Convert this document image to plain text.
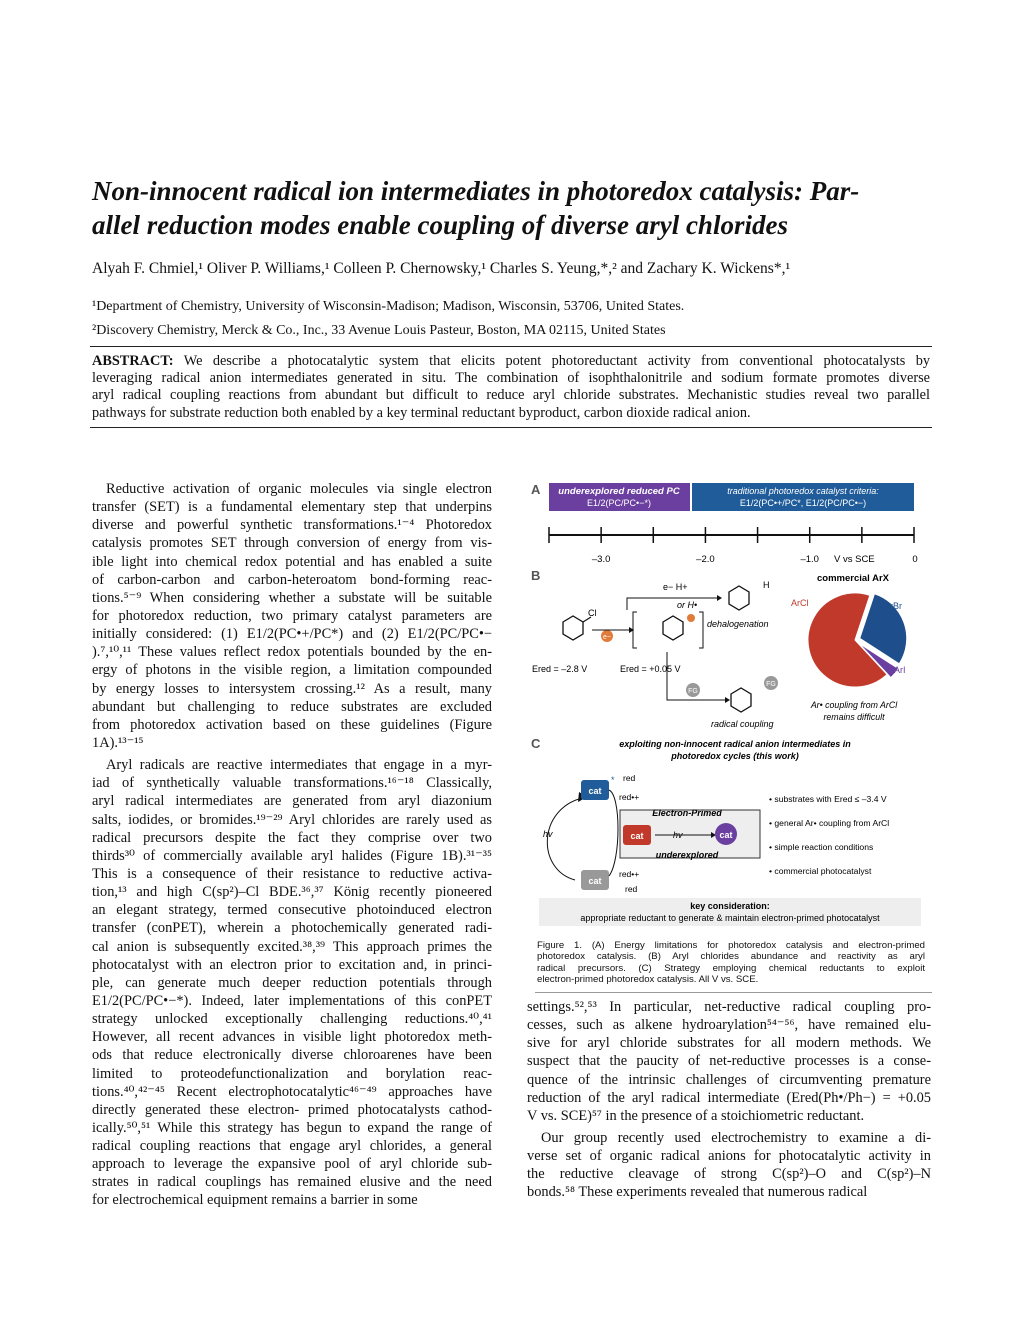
Non-innocent radical ion intermediates in photoredox catalysis: Par-
allel reduction modes enable coupling of diverse aryl chlorides
Alyah F. Chmiel,¹ Oliver P. Williams,¹ Colleen P. Chernowsky,¹ Charles S. Yeung,*,² and Zachary K. Wickens*,¹
¹Department of Chemistry, University of Wisconsin-Madison; Madison, Wisconsin, 53706, United States.
²Discovery Chemistry, Merck & Co., Inc., 33 Avenue Louis Pasteur, Boston, MA 02115, United States
ABSTRACT: We describe a photocatalytic system that elicits potent photoreductant activity from conventional photocatalysts by
leveraging radical anion intermediates generated in situ. The combination of isophthalonitrile and sodium formate promotes diverse
aryl radical coupling reactions from abundant but difficult to reduce aryl chloride substrates. Mechanistic studies reveal two parallel
pathways for substrate reduction both enabled by a key terminal reductant byproduct, carbon dioxide radical anion.
Reductive activation of organic molecules via single electron
transfer (SET) is a fundamental elementary step that underpins
diverse and powerful synthetic transformations.¹⁻⁴ Photoredox
catalysis promotes SET through conversion of energy from vis-
ible light into chemical redox potential and has enabled a suite
of carbon-carbon and carbon-heteroatom bond-forming reac-
tions.⁵⁻⁹ When considering whether a substate will be suitable
for photoredox reduction, two primary catalyst parameters are
initially considered: (1) E1/2(PC•+/PC*) and (2) E1/2(PC/PC•−
).⁷,¹⁰,¹¹ These values reflect redox potentials bounded by the en-
ergy of photons in the visible region, a limitation compounded
by energy losses to intersystem crossing.¹² As a result, many
abundant but challenging to reduce substrates are excluded
from photoredox activation based on these guidelines (Figure
1A).¹³⁻¹⁵
Aryl radicals are reactive intermediates that engage in a myr-
iad of synthetically valuable transformations.¹⁶⁻¹⁸ Classically,
aryl radical intermediates are generated from aryl diazonium
salts, iodides, or bromides.¹⁹⁻²⁹ Aryl chlorides are rarely used as
radical precursors despite the fact they comprise over two
thirds³⁰ of commercially available aryl halides (Figure 1B).³¹⁻³⁵
This is a consequence of their resistance to reductive activa-
tion,¹³ and high C(sp²)–Cl BDE.³⁶,³⁷ König recently pioneered
an elegant strategy, termed consecutive photoinduced electron
transfer (conPET), wherein a photochemically generated radi-
cal anion is subsequently excited.³⁸,³⁹ This approach primes the
photocatalyst with an electron prior to excitation and, in princi-
ple, can generate much deeper reduction potentials through
E1/2(PC/PC•−*). Indeed, later implementations of this conPET
strategy unlocked exceptionally challenging reductions.⁴⁰,⁴¹
However, all recent advances in visible light photoredox meth-
ods that reduce electronically diverse chloroarenes have been
limited to proteodefunctionalization and borylation reac-
tions.⁴⁰,⁴²⁻⁴⁵ Recent electrophotocatalytic⁴⁶⁻⁴⁹ approaches have
directly generated these electron- primed photocatalysts cathod-
ically.⁵⁰,⁵¹ While this strategy has begun to expand the range of
radical coupling reactions that engage aryl chlorides, a general
approach to leverage the expansive pool of aryl chloride sub-
strates in radical couplings has remained elusive and the need
for electrochemical equipment remains a barrier in some
A underexplored reduced PC
E1/2(PC/PC•−*)
traditional photoredox catalyst criteria:
E1/2(PC•+/PC*, E1/2(PC/PC•−)
–3.0	–2.0	–1.0	0
V vs SCE
B
Cl
e−
Ered = –2.8 V	Ered = +0.05 V
e− H+
or H•
H
dehalogenation
FG
FG
radical coupling
commercial ArX
ArCl	ArBr
ArI
Ar• coupling from ArCl
remains difficult
C	exploiting non-innocent radical anion intermediates in
photoredox cycles (this work)
hv
cat
*
cat
red
red•+
red•+
red
Electron-Primed
cat	hv	cat
underexplored
• substrates with Ered ≤ –3.4 V
• general Ar• coupling from ArCl
• simple reaction conditions
• commercial photocatalyst
key consideration:
appropriate reductant to generate & maintain electron-primed photocatalyst
Figure 1. (A) Energy limitations for photoredox catalysis and electron-primed
photoredox catalysis. (B) Aryl chlorides abundance and reactivity as aryl
radical precursors. (C) Strategy employing chemical reductants to exploit
electron-primed photoredox catalysis. All V vs. SCE.
settings.⁵²,⁵³ In particular, net-reductive radical coupling pro-
cesses, such as alkene hydroarylation⁵⁴⁻⁵⁶, have remained elu-
sive for aryl chloride substrates for all modern methods. We
suspect that the paucity of net-reductive processes is a conse-
quence of the intrinsic challenges of circumventing premature
reduction of the aryl radical intermediate (Ered(Ph•/Ph−) = +0.05
V vs. SCE)⁵⁷ in the presence of a stoichiometric reductant.
Our group recently used electrochemistry to examine a di-
verse set of organic radical anions for photocatalytic activity in
the reductive cleavage of strong C(sp²)–O and C(sp²)–N
bonds.⁵⁸ These experiments revealed that numerous radical
